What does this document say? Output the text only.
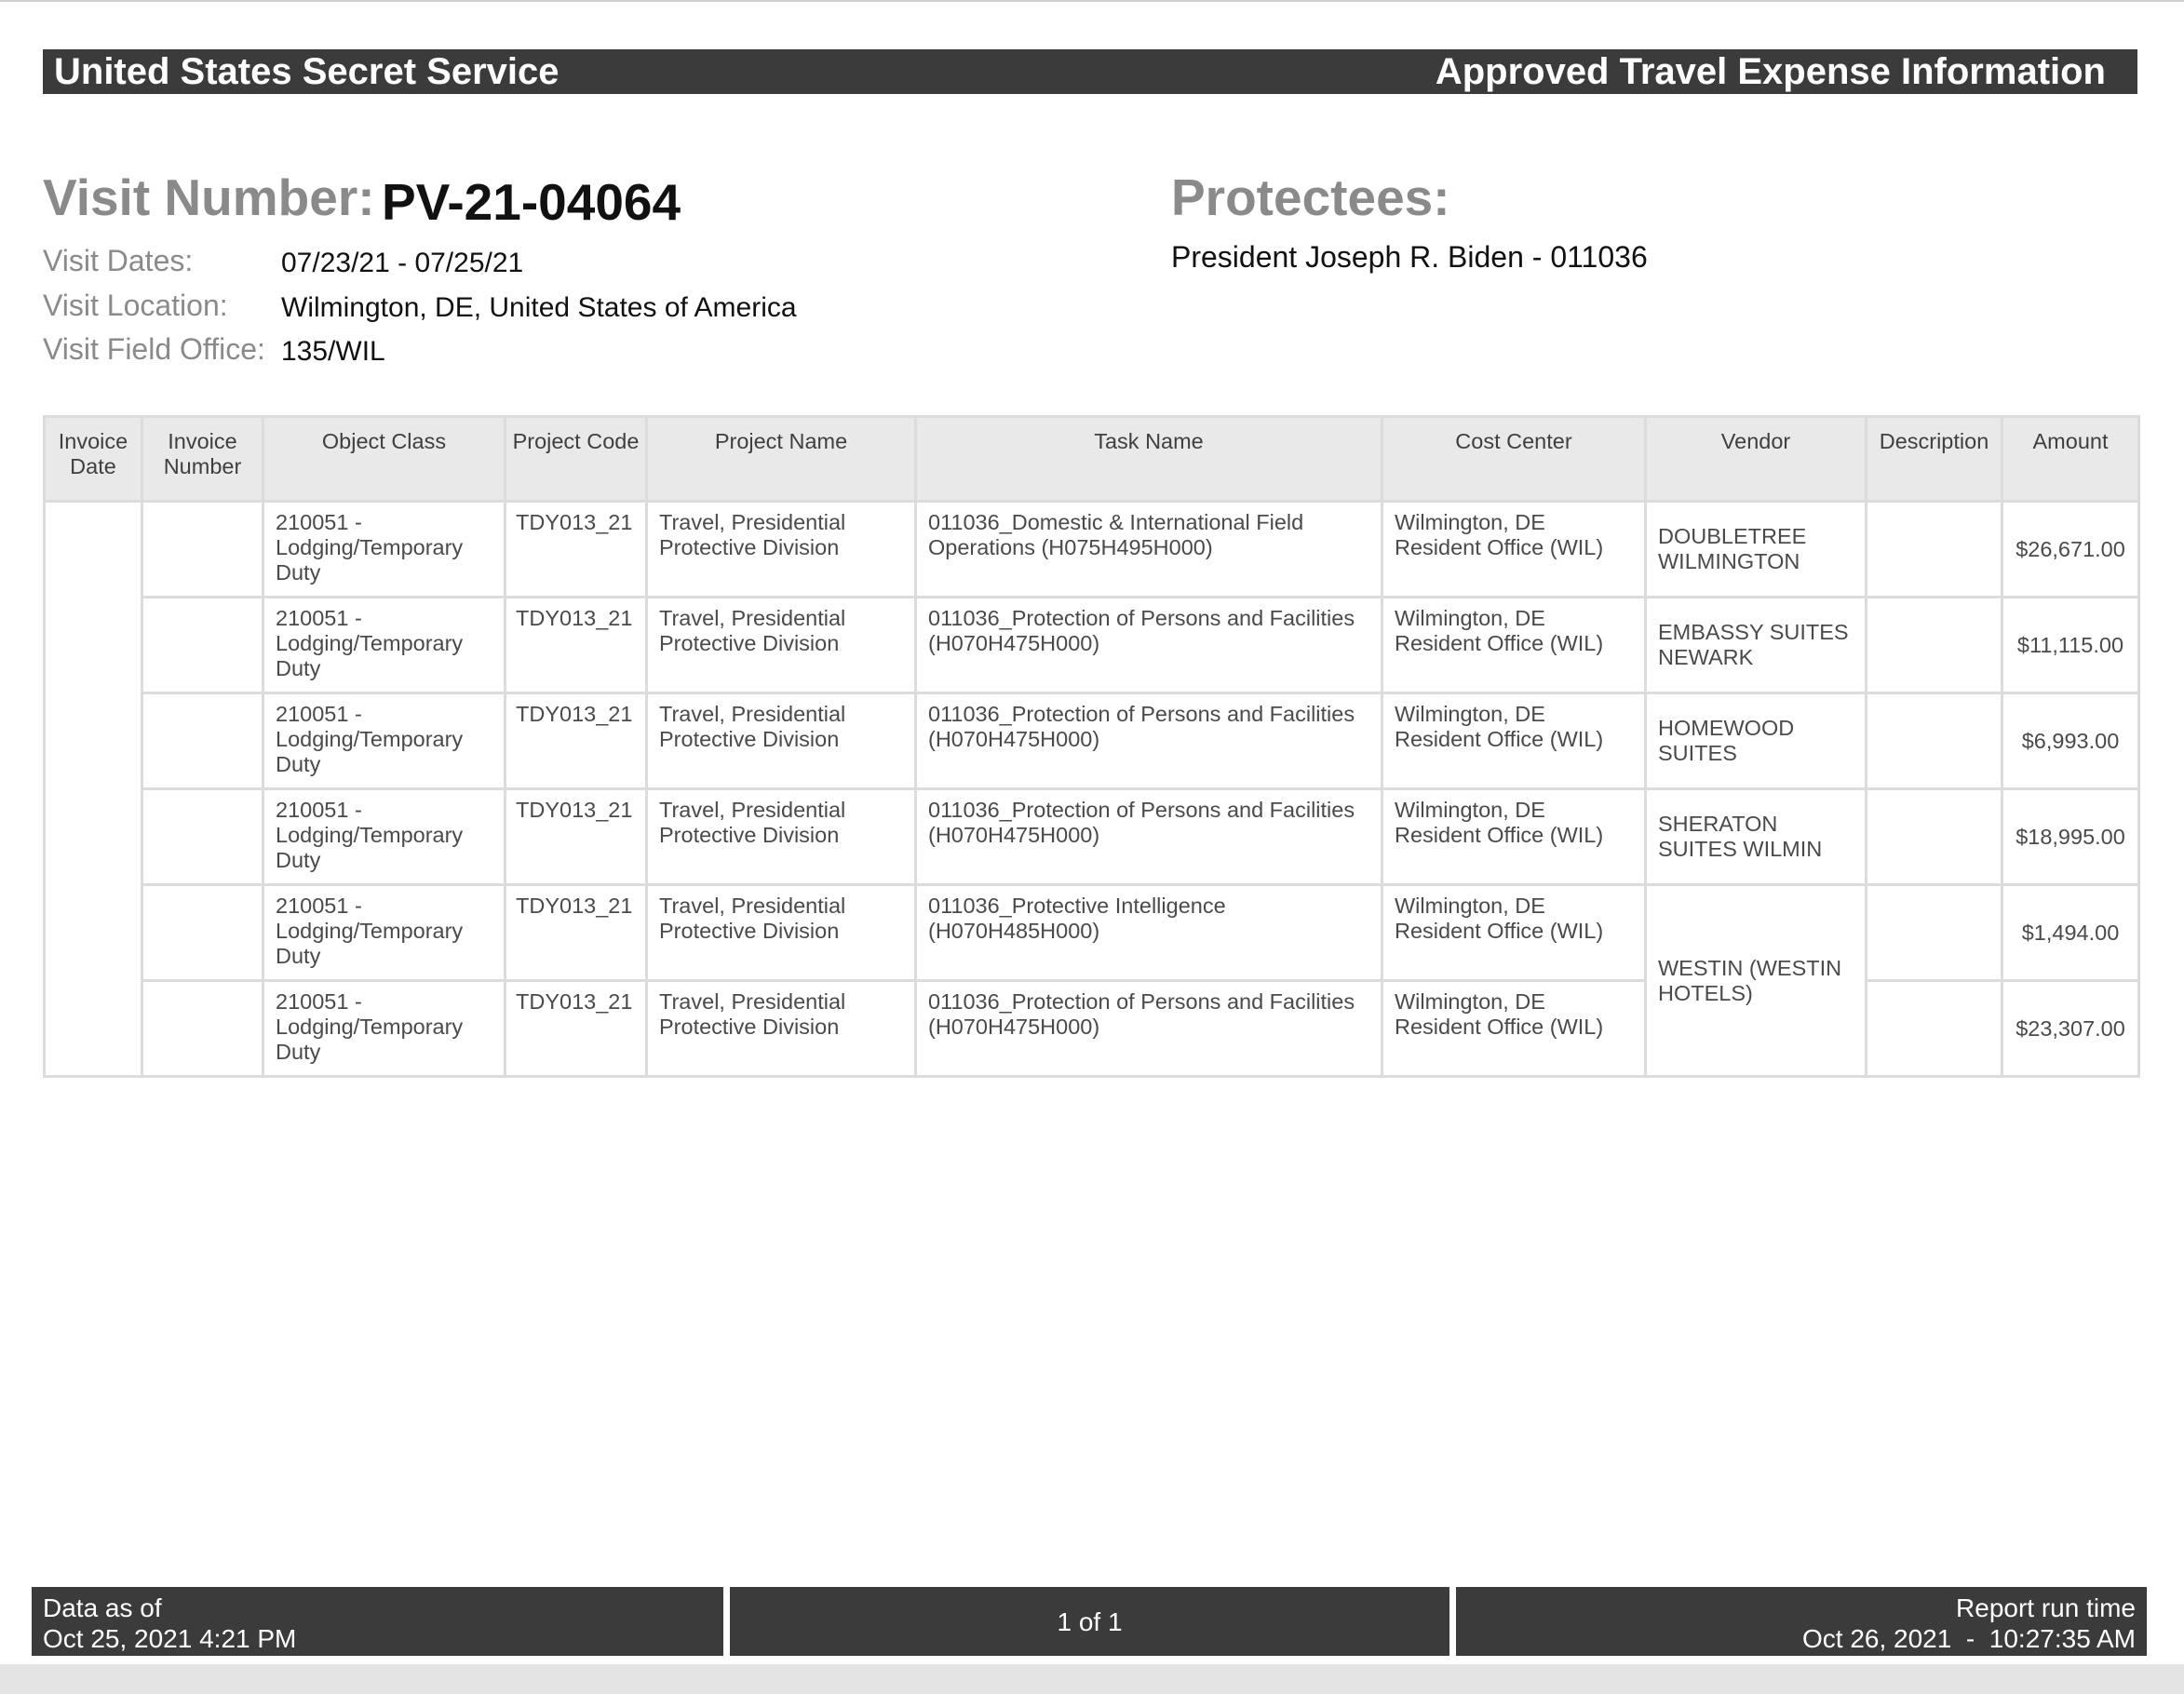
United States Secret Service	Approved Travel Expense Information
Visit Number: PV-21-04064
Visit Dates:	07/23/21 - 07/25/21
Visit Location: Wilmington, DE, United States of America
Visit Field Office: 135/WIL
Protectees:
President Joseph R. Biden - 011036
Invoice Date	Invoice Number	Object Class	Project Code	Project Name	Task Name	Cost Center	Vendor	Description	Amount
		210051 - Lodging/Temporary Duty	TDY013_21	Travel, Presidential Protective Division	011036_Domestic & International Field Operations (H075H495H000)	Wilmington, DE Resident Office (WIL)	DOUBLETREE WILMINGTON		$26,671.00
		210051 - Lodging/Temporary Duty	TDY013_21	Travel, Presidential Protective Division	011036_Protection of Persons and Facilities (H070H475H000)	Wilmington, DE Resident Office (WIL)	EMBASSY SUITES NEWARK		$11,115.00
		210051 - Lodging/Temporary Duty	TDY013_21	Travel, Presidential Protective Division	011036_Protection of Persons and Facilities (H070H475H000)	Wilmington, DE Resident Office (WIL)	HOMEWOOD SUITES		$6,993.00
		210051 - Lodging/Temporary Duty	TDY013_21	Travel, Presidential Protective Division	011036_Protection of Persons and Facilities (H070H475H000)	Wilmington, DE Resident Office (WIL)	SHERATON SUITES WILMIN		$18,995.00
		210051 - Lodging/Temporary Duty	TDY013_21	Travel, Presidential Protective Division	011036_Protective Intelligence (H070H485H000)	Wilmington, DE Resident Office (WIL)	WESTIN (WESTIN HOTELS)		$1,494.00
		210051 - Lodging/Temporary Duty	TDY013_21	Travel, Presidential Protective Division	011036_Protection of Persons and Facilities (H070H475H000)	Wilmington, DE Resident Office (WIL)			$23,307.00
Data as of
Oct 25, 2021 4:21 PM
1 of 1	Report run time
Oct 26, 2021  -  10:27:35 AM
